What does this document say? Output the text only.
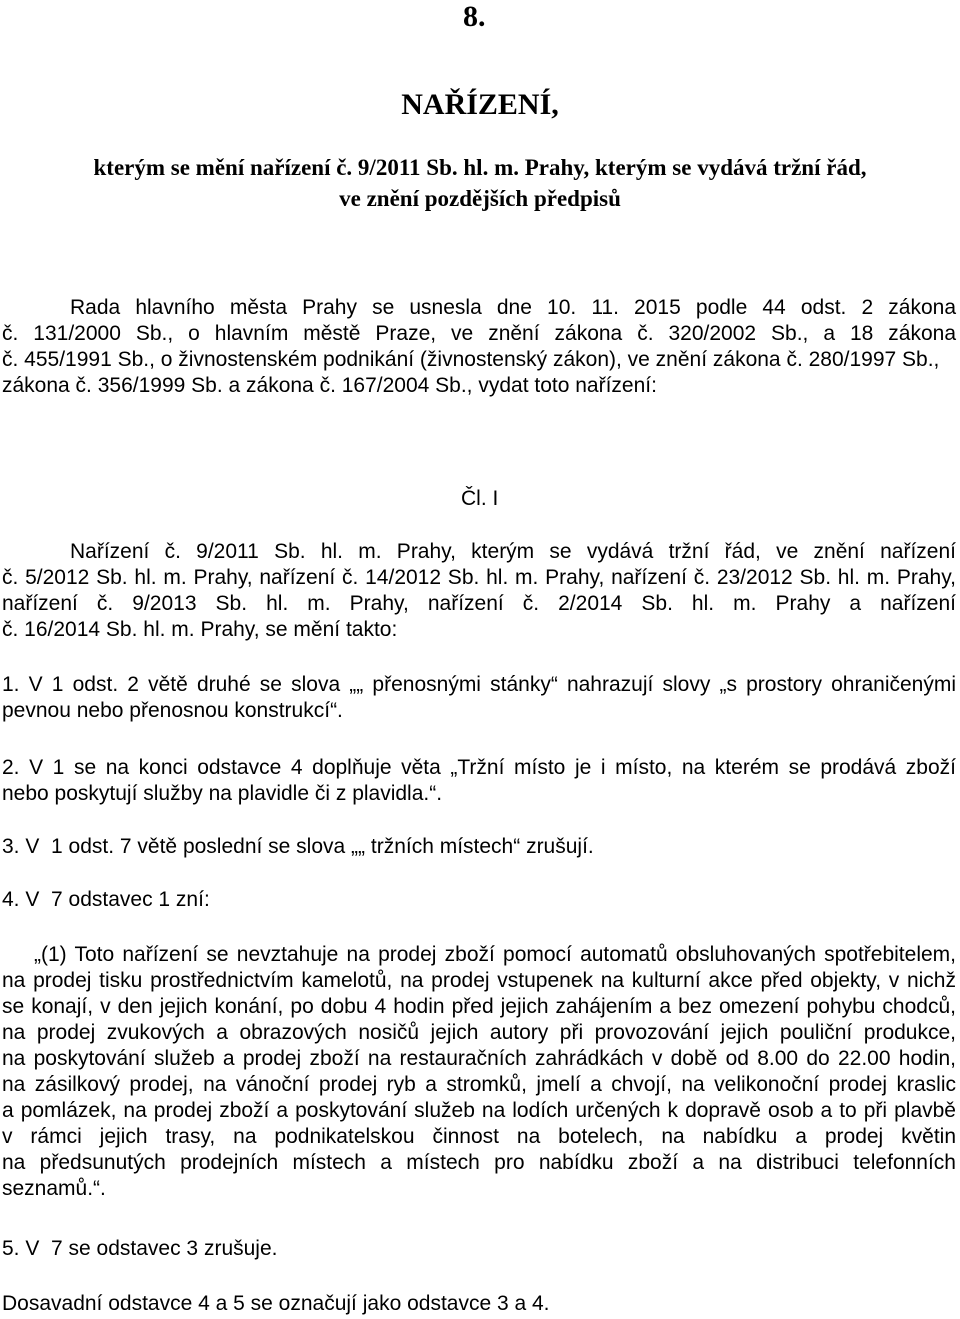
8.
NAŘÍZENÍ,
kterým se mění nařízení č. 9/2011 Sb. hl. m. Prahy, kterým se vydává tržní řád,
ve znění pozdějších předpisů
Rada hlavního města Prahy se usnesla dne 10. 11. 2015 podle 44 odst. 2 zákona
č. 131/2000 Sb., o hlavním městě Praze, ve znění zákona č. 320/2002 Sb., a 18 zákona
č. 455/1991 Sb., o živnostenském podnikání (živnostenský zákon), ve znění zákona č. 280/1997 Sb.,
zákona č. 356/1999 Sb. a zákona č. 167/2004 Sb., vydat toto nařízení:
Čl. I
Nařízení č. 9/2011 Sb. hl. m. Prahy, kterým se vydává tržní řád, ve znění nařízení
č. 5/2012 Sb. hl. m. Prahy, nařízení č. 14/2012 Sb. hl. m. Prahy, nařízení č. 23/2012 Sb. hl. m. Prahy,
nařízení č. 9/2013 Sb. hl. m. Prahy, nařízení č. 2/2014 Sb. hl. m. Prahy a nařízení
č. 16/2014 Sb. hl. m. Prahy, se mění takto:
1. V 1 odst. 2 větě druhé se slova „„ přenosnými stánky“ nahrazují slovy „s prostory ohraničenými
pevnou nebo přenosnou konstrukcí“.
2. V 1 se na konci odstavce 4 doplňuje věta „Tržní místo je i místo, na kterém se prodává zboží
nebo poskytují služby na plavidle či z plavidla.“.
3. V  1 odst. 7 větě poslední se slova „„ tržních místech“ zrušují.
4. V  7 odstavec 1 zní:
„(1) Toto nařízení se nevztahuje na prodej zboží pomocí automatů obsluhovaných spotřebitelem,
na prodej tisku prostřednictvím kamelotů, na prodej vstupenek na kulturní akce před objekty, v nichž
se konají, v den jejich konání, po dobu 4 hodin před jejich zahájením a bez omezení pohybu chodců,
na prodej zvukových a obrazových nosičů jejich autory při provozování jejich pouliční produkce,
na poskytování služeb a prodej zboží na restauračních zahrádkách v době od 8.00 do 22.00 hodin,
na zásilkový prodej, na vánoční prodej ryb a stromků, jmelí a chvojí, na velikonoční prodej kraslic
a pomlázek, na prodej zboží a poskytování služeb na lodích určených k dopravě osob a to při plavbě
v rámci jejich trasy, na podnikatelskou činnost na botelech, na nabídku a prodej květin
na předsunutých prodejních místech a místech pro nabídku zboží a na distribuci telefonních
seznamů.“.
5. V  7 se odstavec 3 zrušuje.
Dosavadní odstavce 4 a 5 se označují jako odstavce 3 a 4.
